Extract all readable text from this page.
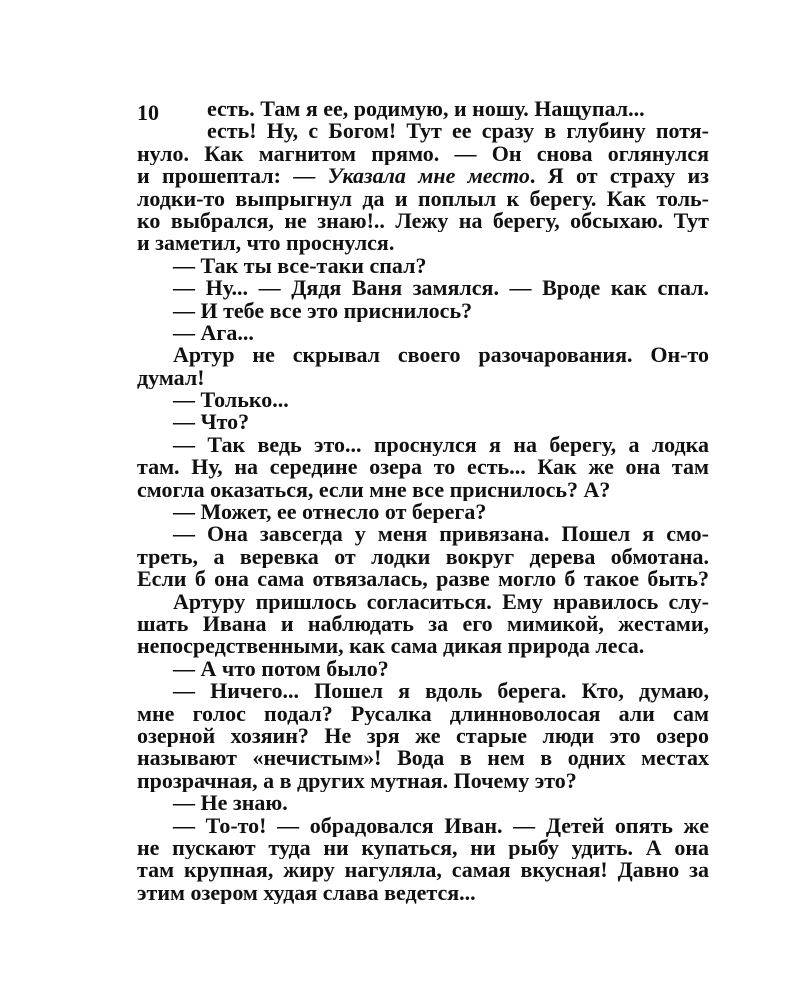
10	есть. Там я ее, родимую, и ношу. Нащупал...
есть! Ну, с Богом! Тут ее сразу в глубину потя-
нуло. Как магнитом прямо. — Он снова оглянулся
и прошептал: — Указала мне место. Я от страху из
лодки-то выпрыгнул да и поплыл к берегу. Как толь-
ко выбрался, не знаю!.. Лежу на берегу, обсыхаю. Тут
и заметил, что проснулся.
— Так ты все-таки спал?
— Ну... — Дядя Ваня замялся. — Вроде как спал.
— И тебе все это приснилось?
— Ага...
Артур не скрывал своего разочарования. Он-то
думал!
— Только...
— Что?
— Так ведь это... проснулся я на берегу, а лодка
там. Ну, на середине озера то есть... Как же она там
смогла оказаться, если мне все приснилось? А?
— Может, ее отнесло от берега?
— Она завсегда у меня привязана. Пошел я смо-
треть, а веревка от лодки вокруг дерева обмотана.
Если б она сама отвязалась, разве могло б такое быть?
Артуру пришлось согласиться. Ему нравилось слу-
шать Ивана и наблюдать за его мимикой, жестами,
непосредственными, как сама дикая природа леса.
— А что потом было?
— Ничего... Пошел я вдоль берега. Кто, думаю,
мне голос подал? Русалка длинноволосая али сам
озерной хозяин? Не зря же старые люди это озеро
называют «нечистым»! Вода в нем в одних местах
прозрачная, а в других мутная. Почему это?
— Не знаю.
— То-то! — обрадовался Иван. — Детей опять же
не пускают туда ни купаться, ни рыбу удить. А она
там крупная, жиру нагуляла, самая вкусная! Давно за
этим озером худая слава ведется...
